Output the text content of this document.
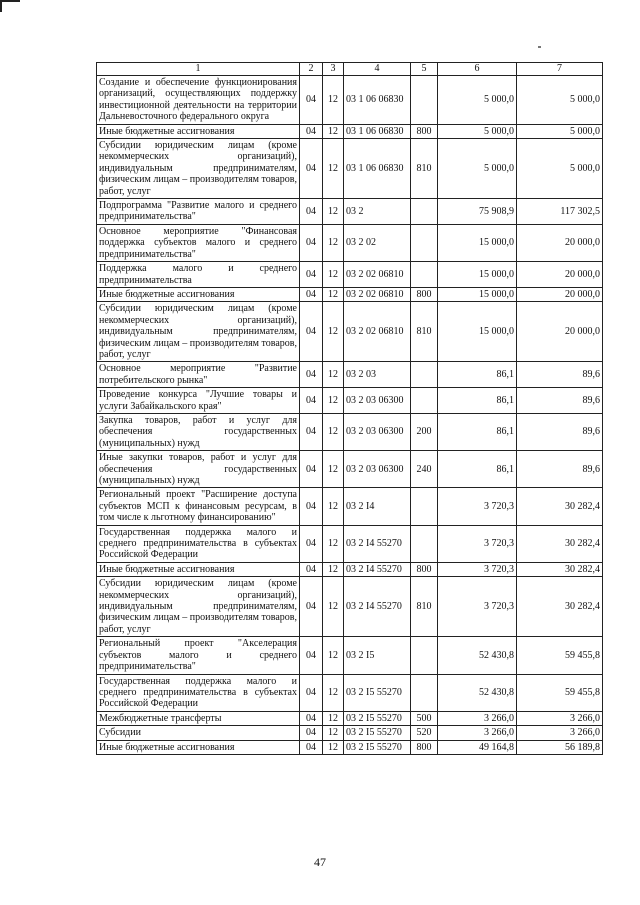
1	2	3	4	5	6	7
Создание и обеспечение функционирования организаций, осуществляющих поддержку инвестиционной деятельности на территории Дальневосточного федерального округа	04	12	03 1 06 06830		5 000,0	5 000,0
Иные бюджетные ассигнования	04	12	03 1 06 06830	800	5 000,0	5 000,0
Субсидии юридическим лицам (кроме некоммерческих организаций), индивидуальным предпринимателям, физическим лицам – производителям товаров, работ, услуг	04	12	03 1 06 06830	810	5 000,0	5 000,0
Подпрограмма "Развитие малого и среднего предпринимательства"	04	12	03 2		75 908,9	117 302,5
Основное мероприятие "Финансовая поддержка субъектов малого и среднего предпринимательства"	04	12	03 2 02		15 000,0	20 000,0
Поддержка малого и среднего предпринимательства	04	12	03 2 02 06810		15 000,0	20 000,0
Иные бюджетные ассигнования	04	12	03 2 02 06810	800	15 000,0	20 000,0
Субсидии юридическим лицам (кроме некоммерческих организаций), индивидуальным предпринимателям, физическим лицам – производителям товаров, работ, услуг	04	12	03 2 02 06810	810	15 000,0	20 000,0
Основное мероприятие "Развитие потребительского рынка"	04	12	03 2 03		86,1	89,6
Проведение конкурса "Лучшие товары и услуги Забайкальского края"	04	12	03 2 03 06300		86,1	89,6
Закупка товаров, работ и услуг для обеспечения государственных (муниципальных) нужд	04	12	03 2 03 06300	200	86,1	89,6
Иные закупки товаров, работ и услуг для обеспечения государственных (муниципальных) нужд	04	12	03 2 03 06300	240	86,1	89,6
Региональный проект "Расширение доступа субъектов МСП к финансовым ресурсам, в том числе к льготному финансированию"	04	12	03 2 I4		3 720,3	30 282,4
Государственная поддержка малого и среднего предпринимательства в субъектах Российской Федерации	04	12	03 2 I4 55270		3 720,3	30 282,4
Иные бюджетные ассигнования	04	12	03 2 I4 55270	800	3 720,3	30 282,4
Субсидии юридическим лицам (кроме некоммерческих организаций), индивидуальным предпринимателям, физическим лицам – производителям товаров, работ, услуг	04	12	03 2 I4 55270	810	3 720,3	30 282,4
Региональный проект "Акселерация субъектов малого и среднего предпринимательства"	04	12	03 2 I5		52 430,8	59 455,8
Государственная поддержка малого и среднего предпринимательства в субъектах Российской Федерации	04	12	03 2 I5 55270		52 430,8	59 455,8
Межбюджетные трансферты	04	12	03 2 I5 55270	500	3 266,0	3 266,0
Субсидии	04	12	03 2 I5 55270	520	3 266,0	3 266,0
Иные бюджетные ассигнования	04	12	03 2 I5 55270	800	49 164,8	56 189,8
47
